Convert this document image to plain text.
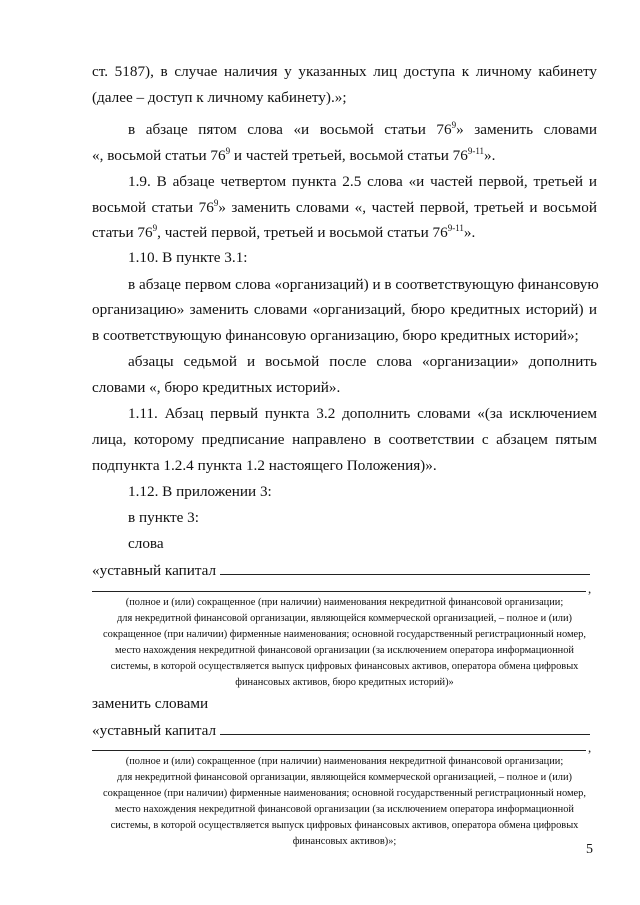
ст. 5187), в случае наличия у указанных лиц доступа к личному кабинету
(далее – доступ к личному кабинету).»;
в абзаце пятом слова «и восьмой статьи $76^9$» заменить словами
«, восьмой статьи $76^9$ и частей третьей, восьмой статьи 76$^{9-11}$».
1.9. В абзаце четвертом пункта 2.5 слова «и частей первой, третьей и
восьмой статьи $76^9$» заменить словами «, частей первой, третьей и восьмой
статьи $76^9$, частей первой, третьей и восьмой статьи 76$^{9-11}$».
1.10. В пункте 3.1:
в абзаце первом слова «организаций) и в соответствующую финансовую
организацию» заменить словами «организаций, бюро кредитных историй) и
в соответствующую финансовую организацию, бюро кредитных историй»;
абзацы седьмой и восьмой после слова «организации» дополнить
словами «, бюро кредитных историй».
1.11. Абзац первый пункта 3.2 дополнить словами «(за исключением
лица, которому предписание направлено в соответствии с абзацем пятым
подпункта 1.2.4 пункта 1.2 настоящего Положения)».
1.12. В приложении 3:
в пункте 3:
слова
«уставный капитал
,
(полное и (или) сокращенное (при наличии) наименования некредитной финансовой организации;
для некредитной финансовой организации, являющейся коммерческой организацией, – полное и (или)
сокращенное (при наличии) фирменные наименования; основной государственный регистрационный номер,
место нахождения некредитной финансовой организации (за исключением оператора информационной
системы, в которой осуществляется выпуск цифровых финансовых активов, оператора обмена цифровых
финансовых активов, бюро кредитных историй)»
заменить словами
«уставный капитал
,
(полное и (или) сокращенное (при наличии) наименования некредитной финансовой организации;
для некредитной финансовой организации, являющейся коммерческой организацией, – полное и (или)
сокращенное (при наличии) фирменные наименования; основной государственный регистрационный номер,
место нахождения некредитной финансовой организации (за исключением оператора информационной
системы, в которой осуществляется выпуск цифровых финансовых активов, оператора обмена цифровых
финансовых активов)»;
5
